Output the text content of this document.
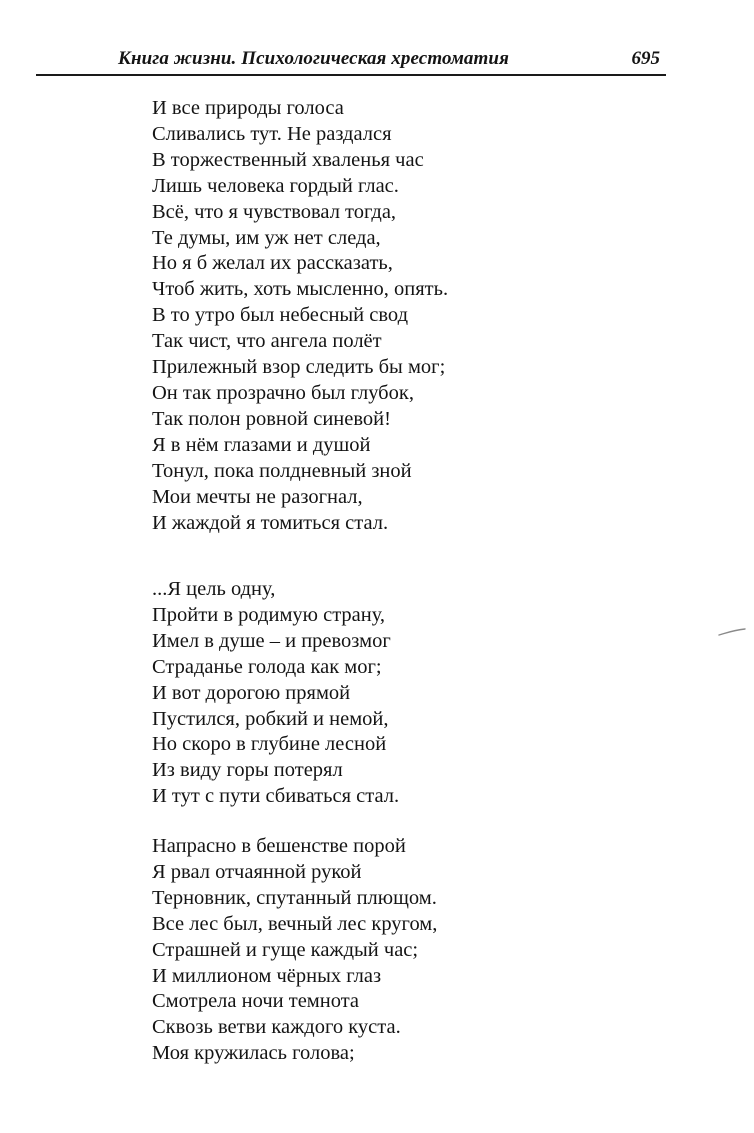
Книга жизни. Психологическая хрестоматия	695
И все природы голоса
Сливались тут. Не раздался
В торжественный хваленья час
Лишь человека гордый глас.
Всё, что я чувствовал тогда,
Те думы, им уж нет следа,
Но я б желал их рассказать,
Чтоб жить, хоть мысленно, опять.
В то утро был небесный свод
Так чист, что ангела полёт
Прилежный взор следить бы мог;
Он так прозрачно был глубок,
Так полон ровной синевой!
Я в нём глазами и душой
Тонул, пока полдневный зной
Мои мечты не разогнал,
И жаждой я томиться стал.
...Я цель одну,
Пройти в родимую страну,
Имел в душе – и превозмог
Страданье голода как мог;
И вот дорогою прямой
Пустился, робкий и немой,
Но скоро в глубине лесной
Из виду горы потерял
И тут с пути сбиваться стал.
Напрасно в бешенстве порой
Я рвал отчаянной рукой
Терновник, спутанный плющом.
Все лес был, вечный лес кругом,
Страшней и гуще каждый час;
И миллионом чёрных глаз
Смотрела ночи темнота
Сквозь ветви каждого куста.
Моя кружилась голова;
